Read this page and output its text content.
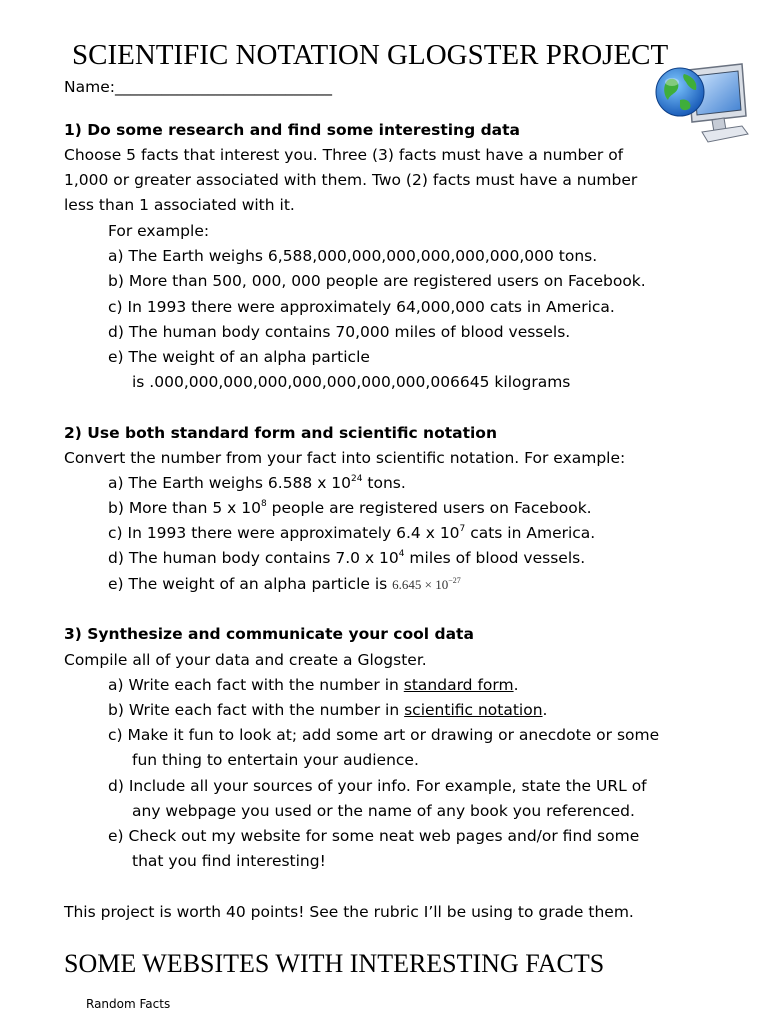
SCIENTIFIC NOTATION GLOGSTER PROJECT
Name:____________________________
1) Do some research and find some interesting data
Choose 5 facts that interest you. Three (3) facts must have a number of
1,000 or greater associated with them. Two (2) facts must have a number
less than 1 associated with it.
For example:
a) The Earth weighs 6,588,000,000,000,000,000,000,000 tons.
b) More than 500, 000, 000 people are registered users on Facebook.
c) In 1993 there were approximately 64,000,000 cats in America.
d) The human body contains 70,000 miles of blood vessels.
e) The weight of an alpha particle
is .000,000,000,000,000,000,000,000,006645 kilograms
2) Use both standard form and scientific notation
Convert the number from your fact into scientific notation. For example:
a) The Earth weighs 6.588 x $10^{24}$ tons.
b) More than 5 x $10^8$ people are registered users on Facebook.
c) In 1993 there were approximately 6.4 x $10^7$ cats in America.
d) The human body contains 7.0 x $10^4$ miles of blood vessels.
e) The weight of an alpha particle is $6.645 \times 10^{-27}$
3) Synthesize and communicate your cool data
Compile all of your data and create a Glogster.
a) Write each fact with the number in standard form.
b) Write each fact with the number in scientific notation.
c) Make it fun to look at; add some art or drawing or anecdote or some
fun thing to entertain your audience.
d) Include all your sources of your info. For example, state the URL of
any webpage you used or the name of any book you referenced.
e) Check out my website for some neat web pages and/or find some
that you find interesting!
This project is worth 40 points! See the rubric I’ll be using to grade them.
SOME WEBSITES WITH INTERESTING FACTS
Random Facts
